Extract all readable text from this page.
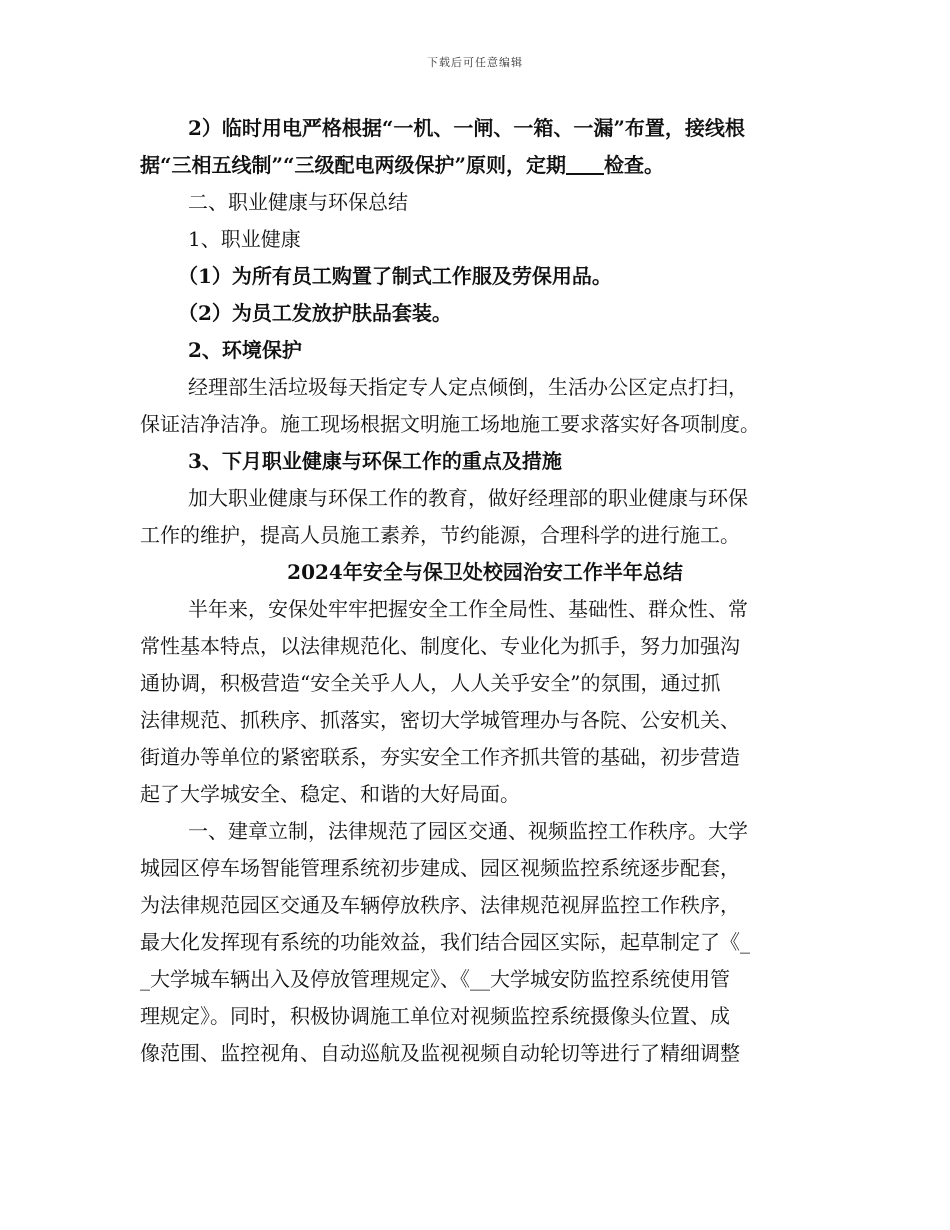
下载后可任意编辑
2）临时用电严格根据“一机、一闸、一箱、一漏”布置，接线根
据“三相五线制”“三级配电两级保护”原则，定期 检查。
二、职业健康与环保总结
1、职业健康
（1）为所有员工购置了制式工作服及劳保用品。
（2）为员工发放护肤品套装。
2、环境保护
经理部生活垃圾每天指定专人定点倾倒，生活办公区定点打扫，
保证洁净洁净。施工现场根据文明施工场地施工要求落实好各项制度。
3、下月职业健康与环保工作的重点及措施
加大职业健康与环保工作的教育，做好经理部的职业健康与环保
工作的维护，提高人员施工素养，节约能源，合理科学的进行施工。
2024年安全与保卫处校园治安工作半年总结
半年来，安保处牢牢把握安全工作全局性、基础性、群众性、常
常性基本特点，以法律规范化、制度化、专业化为抓手，努力加强沟
通协调，积极营造“安全关乎人人，人人关乎安全”的氛围，通过抓
法律规范、抓秩序、抓落实，密切大学城管理办与各院、公安机关、
街道办等单位的紧密联系，夯实安全工作齐抓共管的基础，初步营造
起了大学城安全、稳定、和谐的大好局面。
一、建章立制，法律规范了园区交通、视频监控工作秩序。大学
城园区停车场智能管理系统初步建成、园区视频监控系统逐步配套，
为法律规范园区交通及车辆停放秩序、法律规范视屏监控工作秩序，
最大化发挥现有系统的功能效益，我们结合园区实际，起草制定了《_
_大学城车辆出入及停放管理规定》、《__大学城安防监控系统使用管
理规定》。同时，积极协调施工单位对视频监控系统摄像头位置、成
像范围、监控视角、自动巡航及监视视频自动轮切等进行了精细调整
